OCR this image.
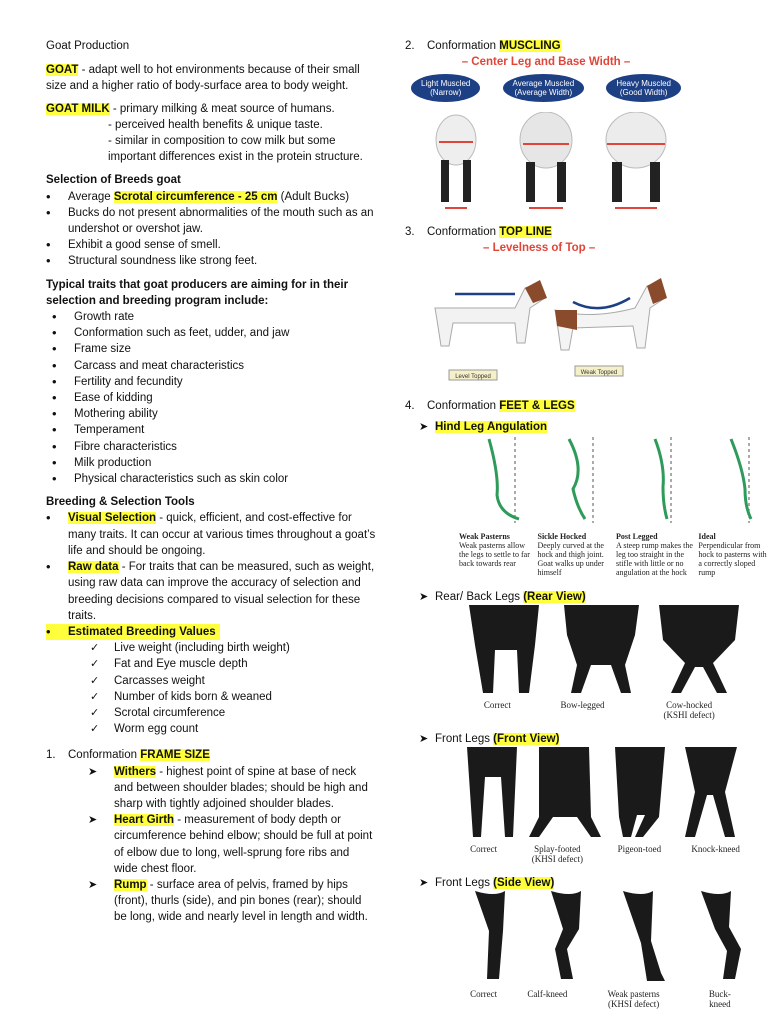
Goat Production

GOAT - adapt well to hot environments because of their small size and a higher ratio of body-surface area to body weight.

GOAT MILK - primary milking & meat source of humans.

- perceived health benefits & unique taste.

- similar in composition to cow milk but some important differences exist in the protein structure.

Selection of Breeds goat

• Average Scrotal circumference - 25 cm (Adult Bucks)
• Bucks do not present abnormalities of the mouth such as an undershot or overshot jaw.
• Exhibit a good sense of smell.
• Structural soundness like strong feet.

Typical traits that goat producers are aiming for in their selection and breeding program include:

• Growth rate
• Conformation such as feet, udder, and jaw
• Frame size
• Carcass and meat characteristics
• Fertility and fecundity
• Ease of kidding
• Mothering ability
• Temperament
• Fibre characteristics
• Milk production
• Physical characteristics such as skin color

Breeding & Selection Tools

• Visual Selection - quick, efficient, and cost-effective for many traits. It can occur at various times throughout a goat’s life and should be ongoing.
• Raw data - For traits that can be measured, such as weight, using raw data can improve the accuracy of selection and breeding decisions compared to visual selection for these traits.
• Estimated Breeding Values
✓ Live weight (including birth weight)
✓ Fat and Eye muscle depth
✓ Carcasses weight
✓ Number of kids born & weaned
✓ Scrotal circumference
✓ Worm egg count

1. Conformation FRAME SIZE

➤ Withers - highest point of spine at base of neck and between shoulder blades; should be high and sharp with tightly adjoined shoulder blades.
➤ Heart Girth - measurement of body depth or circumference behind elbow; should be full at point of elbow due to long, well-sprung fore ribs and wide chest floor.
➤ Rump - surface area of pelvis, framed by hips (front), thurls (side), and pin bones (rear); should be long, wide and nearly level in length and width.

2. Conformation MUSCLING

– Center Leg and Base Width –
Light Muscled
(Narrow)
Average Muscled
(Average Width)
Heavy Muscled
(Good Width)

3. Conformation TOP LINE

– Levelness of Top –
Level Topped
Weak Topped

4. Conformation FEET & LEGS

➤ Hind Leg Angulation

Weak Pasterns
Weak pasterns allow the legs to settle to far back towards rear
Sickle Hocked
Deeply curved at the hock and thigh joint. Goat walks up under himself
Post Legged
A steep rump makes the leg too straight in the stifle with little or no angulation at the hock
Ideal
Perpendicular from hock to pasterns with a correctly sloped rump

➤ Rear/ Back Legs (Rear View)

Correct	Bow-legged	Cow-hocked (KSHI defect)

➤ Front Legs (Front View)

Correct	Splay-footed (KHSI defect)
Pigeon-toed	Knock-kneed

➤ Front Legs (Side View)

Correct	Calf-kneed	Weak pasterns (KHSI defect)
Buck-kneed
